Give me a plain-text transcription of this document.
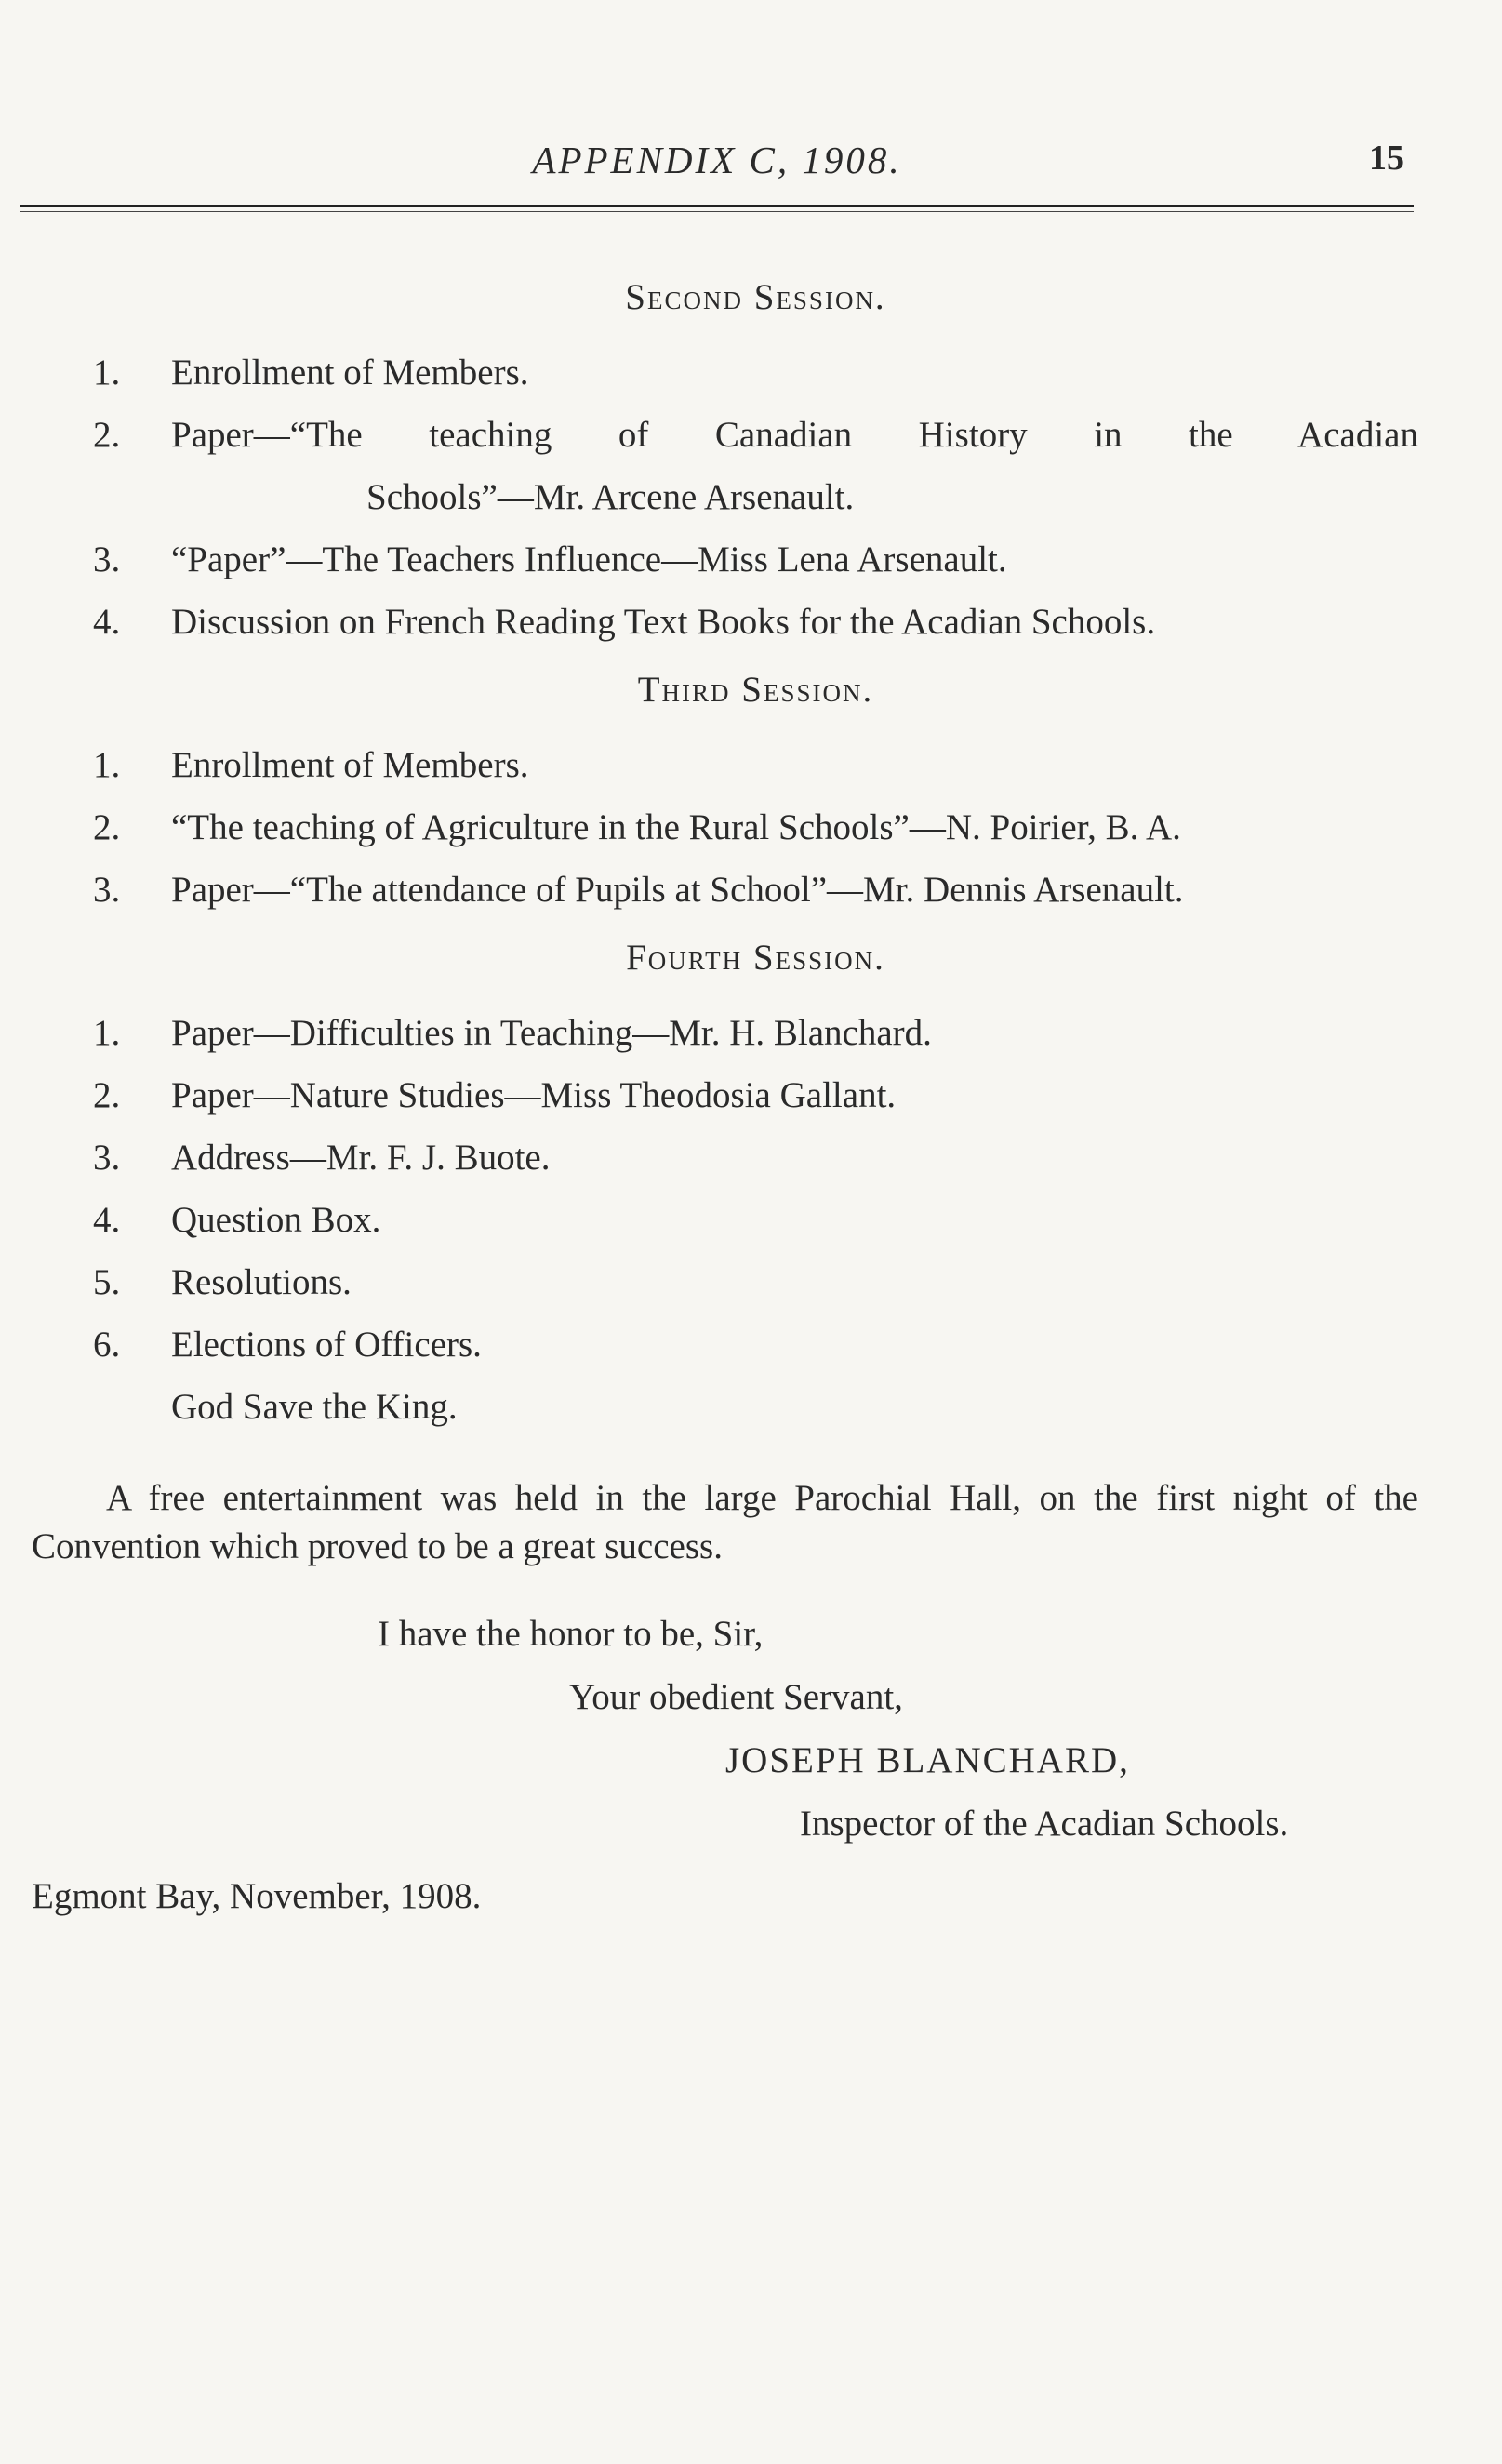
APPENDIX C, 1908.	15
Second Session.
1. Enrollment of Members.
2. Paper—“The teaching of Canadian History in the Acadian
Schools”—Mr. Arcene Arsenault.
3. “Paper”—The Teachers Influence—Miss Lena Arsenault.
4. Discussion on French Reading Text Books for the Acadian Schools.
Third Session.
1. Enrollment of Members.
2. “The teaching of Agriculture in the Rural Schools”—N. Poirier, B. A.
3. Paper—“The attendance of Pupils at School”—Mr. Dennis Arsenault.
Fourth Session.
1. Paper—Difficulties in Teaching—Mr. H. Blanchard.
2. Paper—Nature Studies—Miss Theodosia Gallant.
3. Address—Mr. F. J. Buote.
4. Question Box.
5. Resolutions.
6. Elections of Officers.
God Save the King.

A free entertainment was held in the large Parochial Hall, on the first night of the Convention which proved to be a great success.

I have the honor to be, Sir,
Your obedient Servant,
JOSEPH BLANCHARD,
Inspector of the Acadian Schools.
Egmont Bay, November, 1908.
